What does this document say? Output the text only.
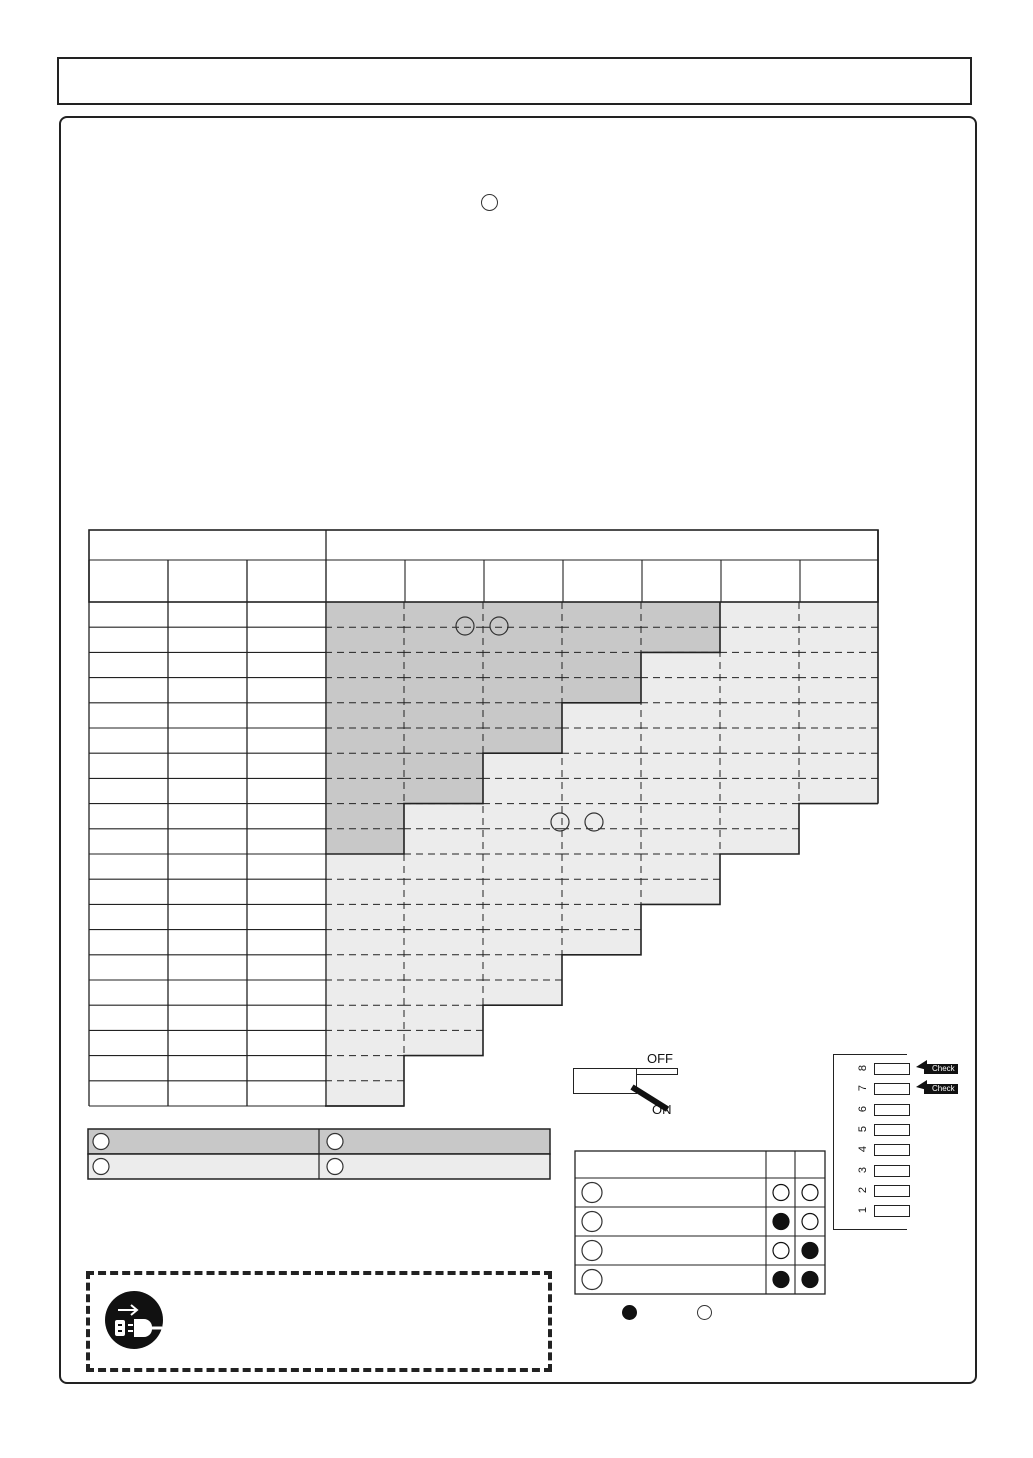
OFF
ON
8	Check
7	Check
6
5
4
3
2
1
